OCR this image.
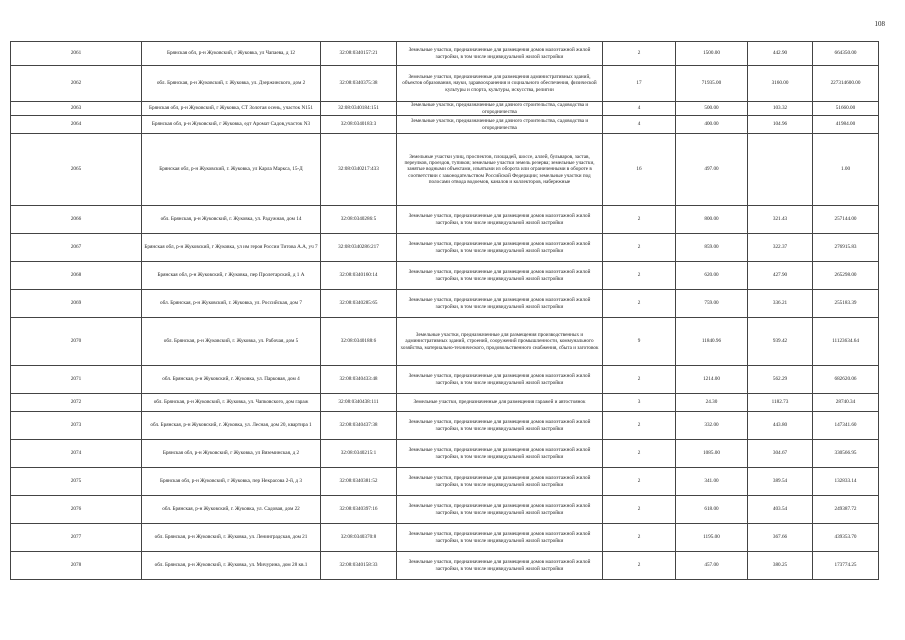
108
2061	Брянская обл, р-н Жуковский, г Жуковка, ул Чапаева, д 12	32:08:0340157:21	Земельные участки, предназначенные для размещения домов малоэтажной жилой застройки, в том числе индивидуальной жилой застройки	2	1500.00	442.90	664350.00
2062	обл. Брянская, р-н Жуковский, г. Жуковка, ул. Дзержинского, дом 2	32:08:0340375:38	Земельные участки, предназначенные для размещения административных зданий, объектов образования, науки, здравоохранения и социального обеспечения, физической культуры и спорта, культуры, искусства, религии	17	71935.00	3160.00	227314600.00
2063	Брянская обл, р-н Жуковский, г Жуковка, СТ Золотая осень, участок N151	32:08:0340184:151	Земельные участки, предназначенные для дачного строительства, садоводства и огородничества	4	500.00	103.32	51660.00
2064	Брянская обл, р-н Жуковский, г Жуковка, едт Аромат Садов,участок N3	32:08:0340183:3	Земельные участки, предназначенные для дачного строительства, садоводства и огородничества	4	400.00	104.96	41984.00
2065	Брянская обл, р-н Жуковский, г. Жуковка, ул Карла Маркса, 15-Д	32:08:0340217:433	Земельные участки улиц, проспектов, площадей, шоссе, аллей, бульваров, застав, переулков, проездов, тупиков; земельные участки земель резерва; земельные участки, занятые водными объектами, изъятыми из оборота или ограниченными в обороте в соответствии с законодательством Российской Федерации; земельные участки под полосами отвода водоемов, каналов и коллекторов, набережные	16	497.00		1.00
2066	обл. Брянская, р-н Жуковский, г. Жуковка, ул. Радужная, дом 14	32:08:0340286:5	Земельные участки, предназначенные для размещения домов малоэтажной жилой застройки, в том числе индивидуальной жилой застройки	2	800.00	321.43	257144.00
2067	Брянская обл, р-н Жуковский, г Жуковка, ул им героя России Титова А.А, уч 7	32:08:0340286:217	Земельные участки, предназначенные для размещения домов малоэтажной жилой застройки, в том числе индивидуальной жилой застройки	2	859.00	322.37	276915.83
2068	Брянская обл, р-н Жуковский, г Жуковка, пер Пролетарский, д 1 А	32:08:0340160:14	Земельные участки, предназначенные для размещения домов малоэтажной жилой застройки, в том числе индивидуальной жилой застройки	2	620.00	427.90	265298.00
2069	обл. Брянская, р-н Жуковский, г. Жуковка, ул. Российская, дом 7	32:08:0340285:65	Земельные участки, предназначенные для размещения домов малоэтажной жилой застройки, в том числе индивидуальной жилой застройки	2	759.00	336.21	255183.39
2070	обл. Брянская, р-н Жуковский, г. Жуковка, ул. Рабочая, дом 5	32:08:0340188:6	Земельные участки, предназначенные для размещения производственных и административных зданий, строений, сооружений промышленности, коммунального хозяйства, материально-технического, продовольственного снабжения, сбыта и заготовок	9	11840.96	939.42	11123634.64
2071	обл. Брянская, р-н Жуковский, г. Жуковка, ул. Парковая, дом 4	32:08:0340433:48	Земельные участки, предназначенные для размещения домов малоэтажной жилой застройки, в том числе индивидуальной жилой застройки	2	1214.00	562.29	682620.06
2072	обл. Брянская, р-н Жуковский, г. Жуковка, ул. Чапковского, дом гараж	32:08:0340438:111	Земельные участки, предназначенные для размещения гаражей и автостоянок	3	24.30	1182.73	28740.34
2073	обл. Брянская, р-н Жуковский, г. Жуковка, ул. Лесная, дом 20, квартира 1	32:08:0340437:38	Земельные участки, предназначенные для размещения домов малоэтажной жилой застройки, в том числе индивидуальной жилой застройки	2	332.00	443.80	147341.60
2074	Брянская обл, р-н Жуковский, г Жуковка, ул Вяземинская, д 2	32:08:0340215:1	Земельные участки, предназначенные для размещения домов малоэтажной жилой застройки, в том числе индивидуальной жилой застройки	2	1085.00	304.67	330566.95
2075	Брянская обл, р-н Жуковский, г Жуковка, пер Некрасова 2-й, д 3	32:08:0340381:52	Земельные участки, предназначенные для размещения домов малоэтажной жилой застройки, в том числе индивидуальной жилой застройки	2	341.00	389.54	132833.14
2076	обл. Брянская, р-н Жуковский, г. Жуковка, ул. Садовая, дом 22	32:08:0340397:16	Земельные участки, предназначенные для размещения домов малоэтажной жилой застройки, в том числе индивидуальной жилой застройки	2	618.00	403.54	249387.72
2077	обл. Брянская, р-н Жуковский, г. Жуковка, ул. Ленинградская, дом 21	32:08:0340370:8	Земельные участки, предназначенные для размещения домов малоэтажной жилой застройки, в том числе индивидуальной жилой застройки	2	1195.00	367.66	439353.70
2078	обл. Брянская, р-н Жуковский, г. Жуковка, ул. Мичурина, дом 28 кв.1	32:08:0340158:33	Земельные участки, предназначенные для размещения домов малоэтажной жилой застройки, в том числе индивидуальной жилой застройки	2	457.00	380.25	173774.25
